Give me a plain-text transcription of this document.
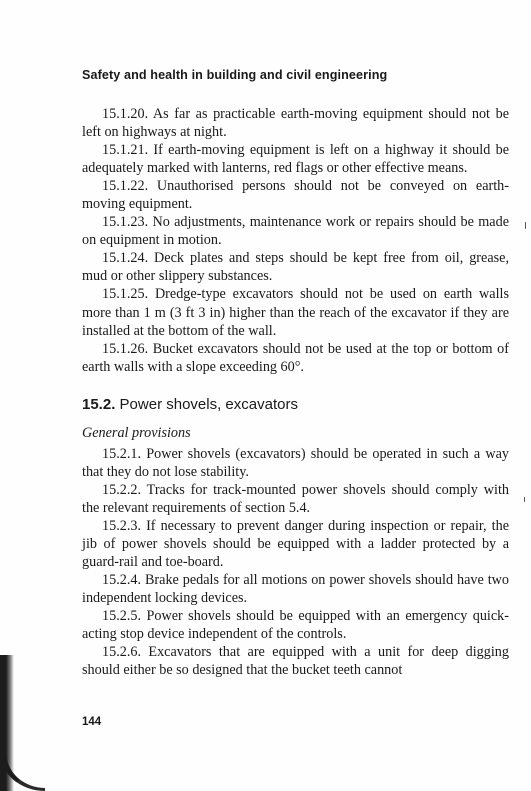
Safety and health in building and civil engineering

15.1.20. As far as practicable earth-moving equipment should not be left on highways at night.

15.1.21. If earth-moving equipment is left on a highway it should be adequately marked with lanterns, red flags or other effective means.

15.1.22. Unauthorised persons should not be conveyed on earth-moving equipment.

15.1.23. No adjustments, maintenance work or repairs should be made on equipment in motion.

15.1.24. Deck plates and steps should be kept free from oil, grease, mud or other slippery substances.

15.1.25. Dredge-type excavators should not be used on earth walls more than 1 m (3 ft 3 in) higher than the reach of the excavator if they are installed at the bottom of the wall.

15.1.26. Bucket excavators should not be used at the top or bottom of earth walls with a slope exceeding 60°.

15.2. Power shovels, excavators

General provisions

15.2.1. Power shovels (excavators) should be operated in such a way that they do not lose stability.

15.2.2. Tracks for track-mounted power shovels should comply with the relevant requirements of section 5.4.

15.2.3. If necessary to prevent danger during inspection or repair, the jib of power shovels should be equipped with a ladder protected by a guard-rail and toe-board.

15.2.4. Brake pedals for all motions on power shovels should have two independent locking devices.

15.2.5. Power shovels should be equipped with an emergency quick-acting stop device independent of the controls.

15.2.6. Excavators that are equipped with a unit for deep digging should either be so designed that the bucket teeth cannot

144
